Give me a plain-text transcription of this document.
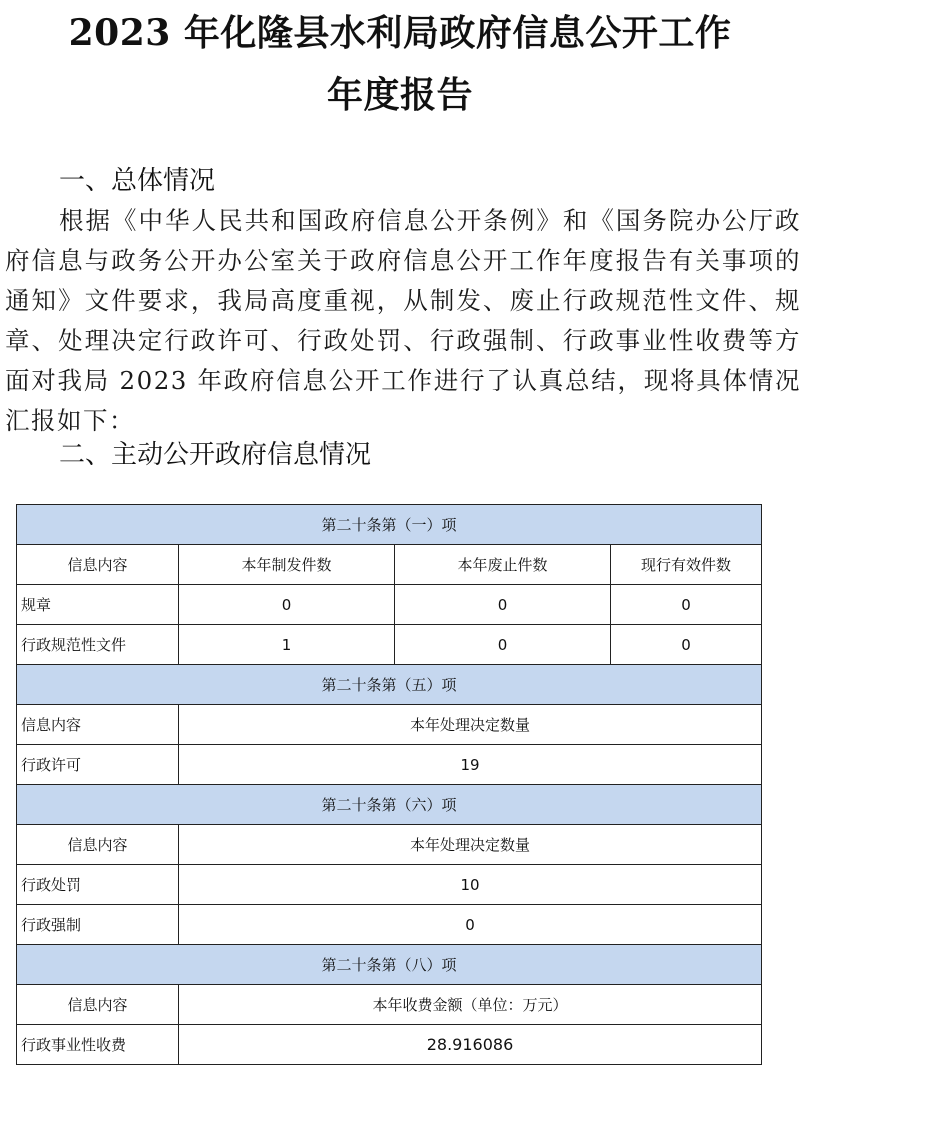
2023 年化隆县水利局政府信息公开工作
年度报告
一、总体情况
根据《中华人民共和国政府信息公开条例》和《国务院办公厅政府信息与政务公开办公室关于政府信息公开工作年度报告有关事项的通知》文件要求，我局高度重视，从制发、废止行政规范性文件、规章、处理决定行政许可、行政处罚、行政强制、行政事业性收费等方面对我局 2023 年政府信息公开工作进行了认真总结，现将具体情况汇报如下：
二、主动公开政府信息情况
第二十条第（一）项			
信息内容	本年制发件数	本年废止件数	现行有效件数
规章	0	0	0
行政规范性文件	1	0	0
第二十条第（五）项			
信息内容	本年处理决定数量		
行政许可	19		
第二十条第（六）项			
信息内容	本年处理决定数量		
行政处罚	10		
行政强制	0		
第二十条第（八）项			
信息内容	本年收费金额（单位：万元）		
行政事业性收费	28.916086		
